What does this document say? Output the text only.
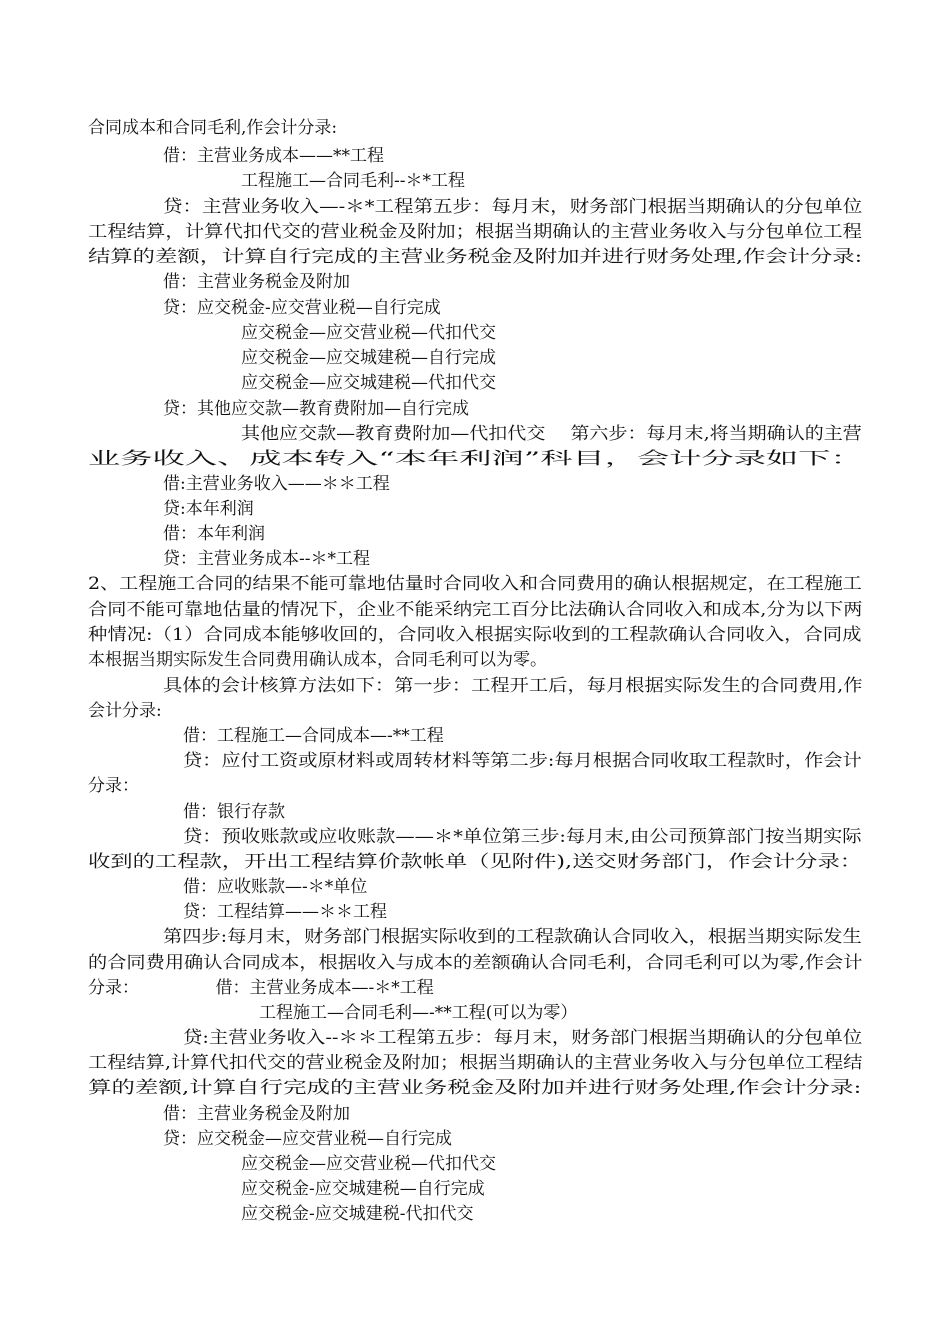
合同成本和合同毛利,作会计分录:
借：主营业务成本——**工程
工程施工—合同毛利--＊*工程
贷：主营业务收入—-＊*工程第五步：每月末，财务部门根据当期确认的分包单位
工程结算，计算代扣代交的营业税金及附加；根据当期确认的主营业务收入与分包单位工程
结算的差额，计算自行完成的主营业务税金及附加并进行财务处理,作会计分录:
借：主营业务税金及附加
贷：应交税金-应交营业税—自行完成
应交税金—应交营业税—代扣代交
应交税金—应交城建税—自行完成
应交税金—应交城建税—代扣代交
贷：其他应交款—教育费附加—自行完成
其他应交款—教育费附加—代扣代交　 第六步：每月末,将当期确认的主营
业务收入、成本转入“本年利润”科目，会计分录如下：
借:主营业务收入——＊＊工程
贷:本年利润
借：本年利润
贷：主营业务成本--＊*工程
2、工程施工合同的结果不能可靠地估量时合同收入和合同费用的确认根据规定，在工程施工
合同不能可靠地估量的情况下，企业不能采纳完工百分比法确认合同收入和成本,分为以下两
种情况:（1）合同成本能够收回的，合同收入根据实际收到的工程款确认合同收入，合同成
本根据当期实际发生合同费用确认成本，合同毛利可以为零。
具体的会计核算方法如下：第一步：工程开工后，每月根据实际发生的合同费用,作
会计分录:
借：工程施工—合同成本—-**工程
贷：应付工资或原材料或周转材料等第二步:每月根据合同收取工程款时，作会计
分录：
借：银行存款
贷：预收账款或应收账款——＊*单位第三步:每月末,由公司预算部门按当期实际
收到的工程款，开出工程结算价款帐单（见附件),送交财务部门，作会计分录：
借：应收账款—-＊*单位
贷：工程结算——＊＊工程
第四步:每月末，财务部门根据实际收到的工程款确认合同收入，根据当期实际发生
的合同费用确认合同成本，根据收入与成本的差额确认合同毛利，合同毛利可以为零,作会计
分录：　　　　　借：主营业务成本—-＊*工程
工程施工—合同毛利—-**工程(可以为零）
贷:主营业务收入--＊＊工程第五步：每月末，财务部门根据当期确认的分包单位
工程结算,计算代扣代交的营业税金及附加；根据当期确认的主营业务收入与分包单位工程结
算的差额,计算自行完成的主营业务税金及附加并进行财务处理,作会计分录:
借：主营业务税金及附加
贷：应交税金—应交营业税—自行完成
应交税金—应交营业税—代扣代交
应交税金-应交城建税—自行完成
应交税金-应交城建税-代扣代交
